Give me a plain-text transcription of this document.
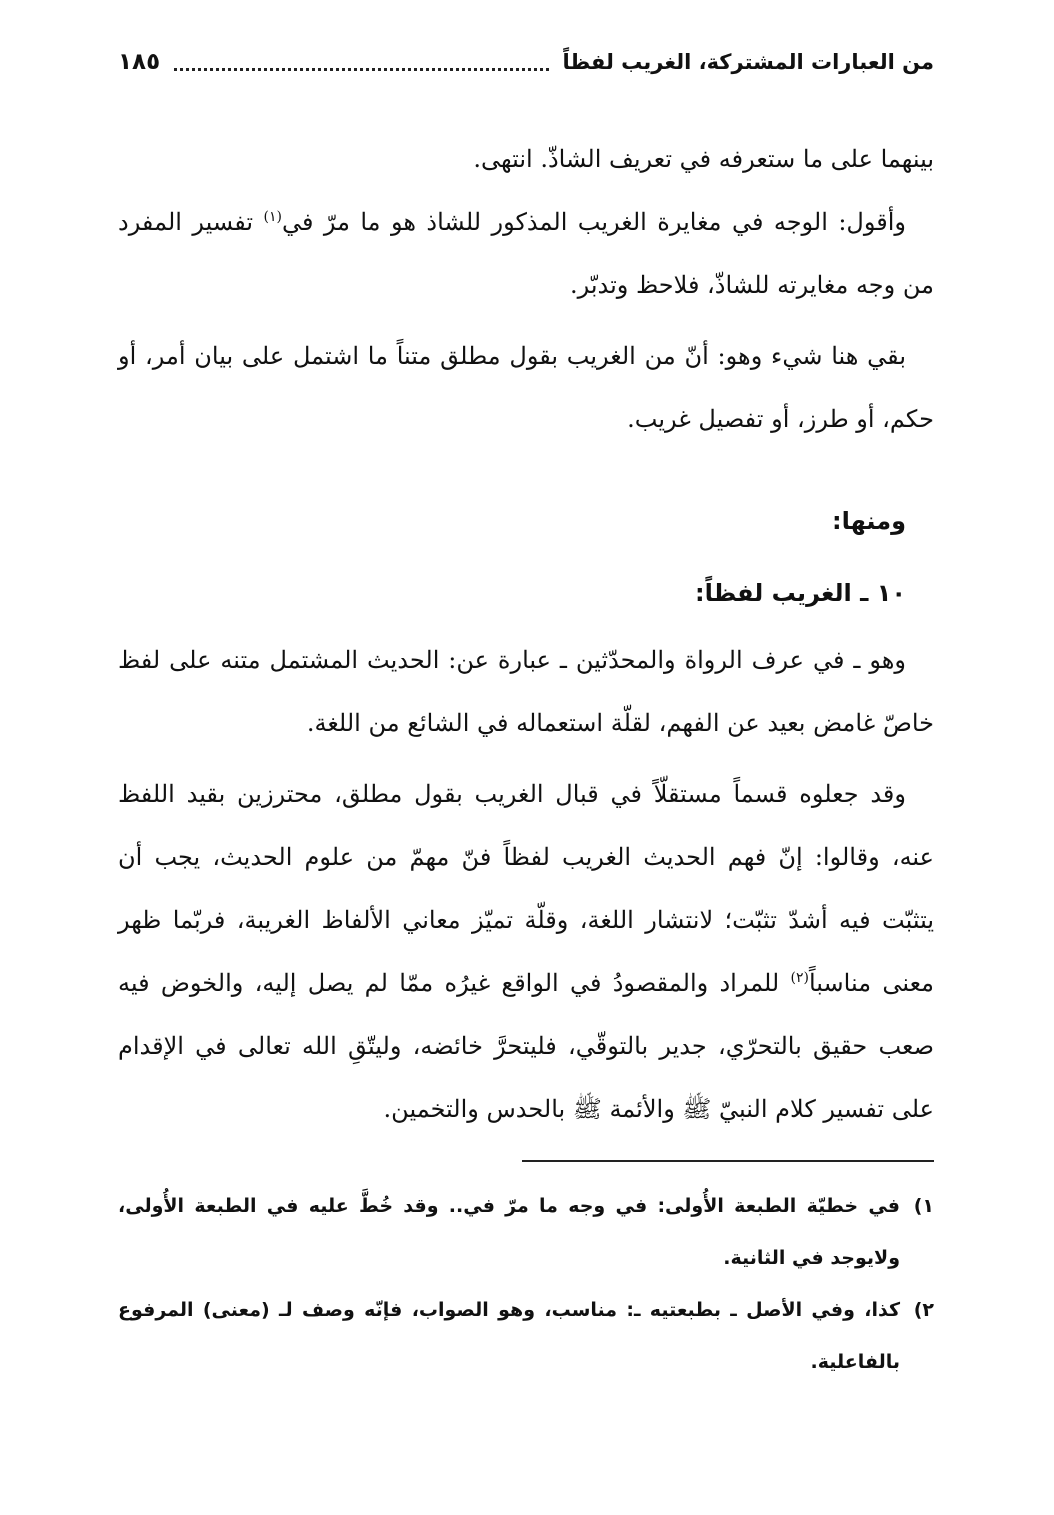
من العبارات المشتركة، الغريب لفظاً
١٨٥

بينهما على ما ستعرفه في تعريف الشاذّ. انتهى.

وأقول: الوجه في مغايرة الغريب المذكور للشاذ هو ما مرّ في$^{(١)}$ تفسير المفرد من وجه مغايرته للشاذّ، فلاحظ وتدبّر.

بقي هنا شيء وهو: أنّ من الغريب بقول مطلق متناً ما اشتمل على بيان أمر، أو حكم، أو طرز، أو تفصيل غريب.

ومنها:
١٠ ـ الغريب لفظاً:

وهو ـ في عرف الرواة والمحدّثين ـ عبارة عن: الحديث المشتمل متنه على لفظ خاصّ غامض بعيد عن الفهم، لقلّة استعماله في الشائع من اللغة.

وقد جعلوه قسماً مستقلّاً في قبال الغريب بقول مطلق، محترزين بقيد اللفظ عنه، وقالوا: إنّ فهم الحديث الغريب لفظاً فنّ مهمّ من علوم الحديث، يجب أن يتثبّت فيه أشدّ تثبّت؛ لانتشار اللغة، وقلّة تميّز معاني الألفاظ الغريبة، فربّما ظهر معنى مناسباً$^{(٢)}$ للمراد والمقصودُ في الواقع غيرُه ممّا لم يصل إليه، والخوض فيه صعب حقيق بالتحرّي، جدير بالتوقّي، فليتحرَّ خائضه، وليتّقِ الله تعالى في الإقدام على تفسير كلام النبيّ ﷺ والأئمة ﷺ بالحدس والتخمين.

١)
في خطيّة الطبعة الأُولى: في وجه ما مرّ في.. وقد خُطَّ عليه في الطبعة الأُولى، ولايوجد في الثانية.
٢)
كذا، وفي الأصل ـ بطبعتيه ـ: مناسب، وهو الصواب، فإنّه وصف لـ (معنى) المرفوع بالفاعلية.
